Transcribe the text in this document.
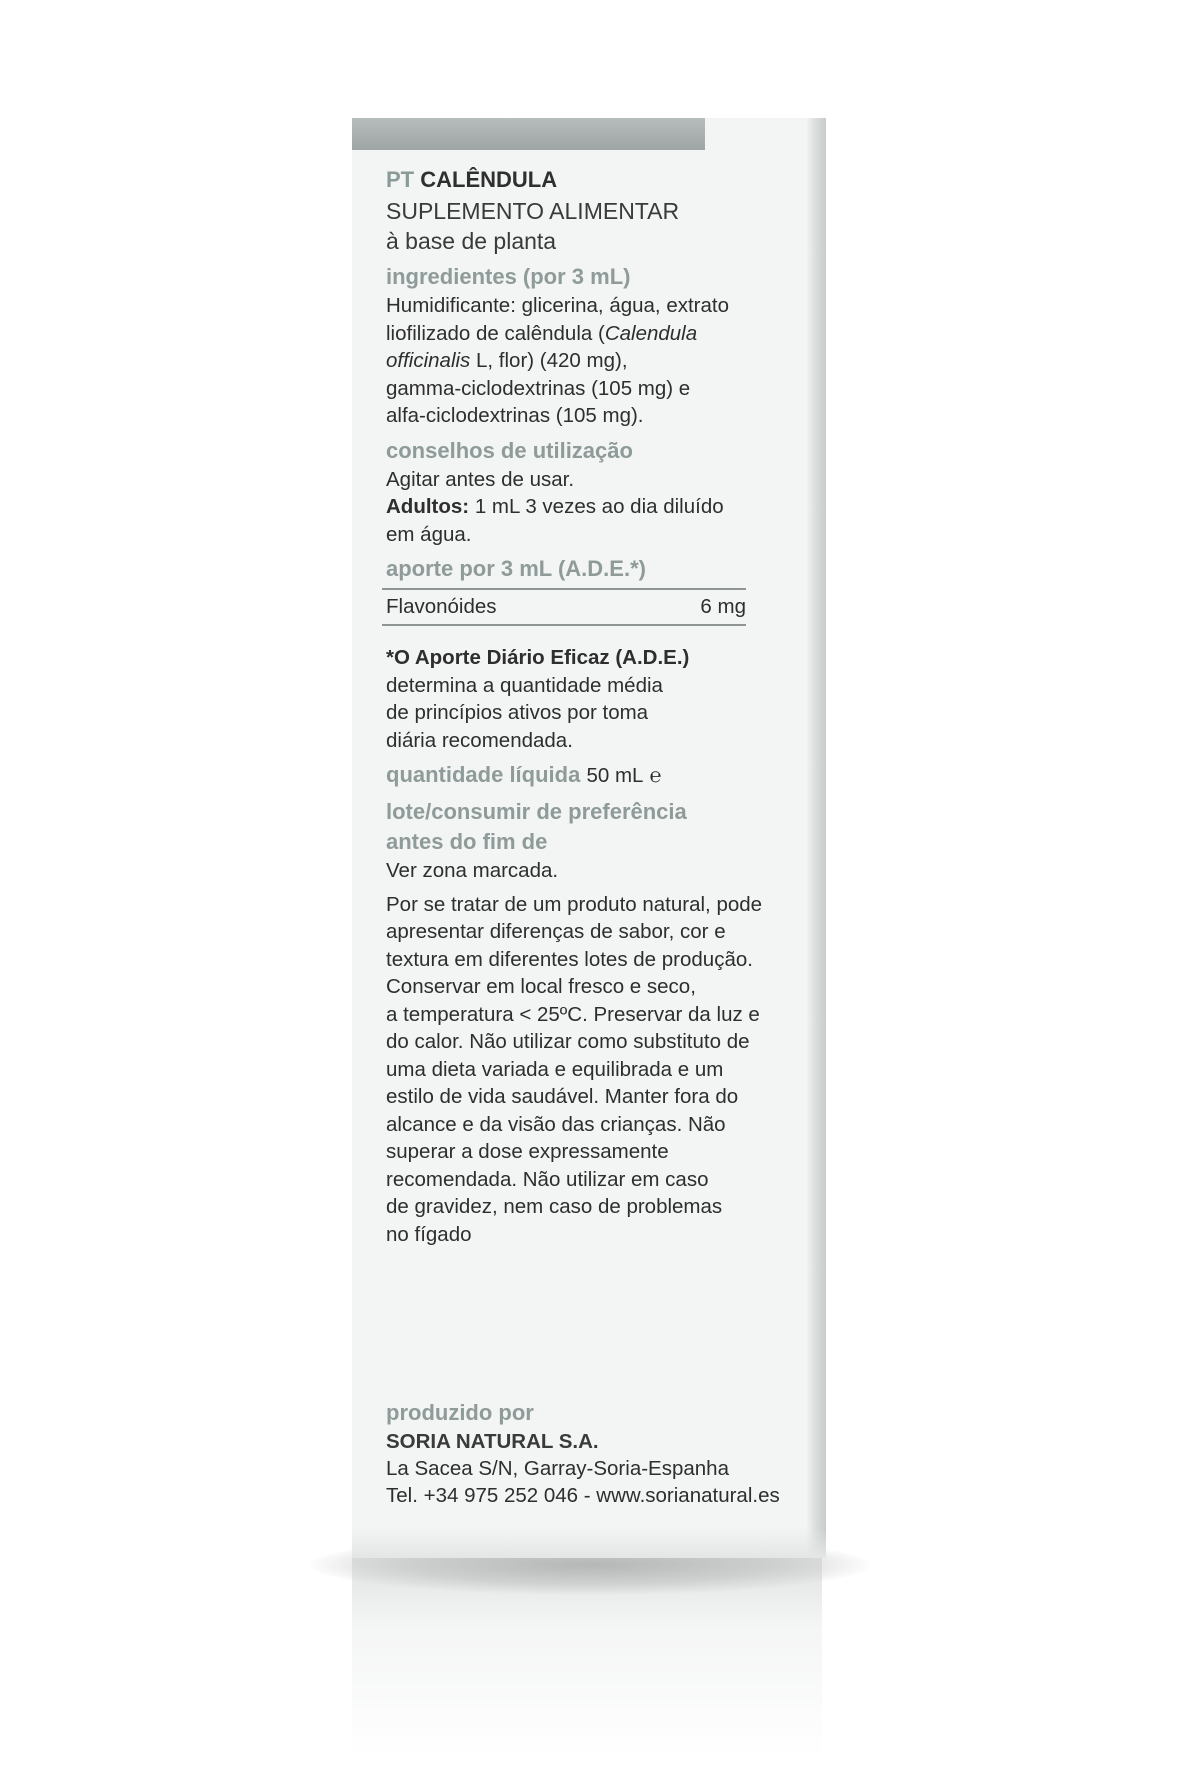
PT CALÊNDULA
SUPLEMENTO ALIMENTAR
à base de planta
ingredientes (por 3 mL)
Humidificante: glicerina, água, extrato
liofilizado de calêndula (Calendula
officinalis L, flor) (420 mg),
gamma-ciclodextrinas (105 mg) e
alfa-ciclodextrinas (105 mg).
conselhos de utilização
Agitar antes de usar.
Adultos: 1 mL 3 vezes ao dia diluído
em água.
aporte por 3 mL (A.D.E.*)
Flavonóides	6 mg
*O Aporte Diário Eficaz (A.D.E.)
determina a quantidade média
de princípios ativos por toma
diária recomendada.
quantidade líquida 50 mL ℮
lote/consumir de preferência
antes do fim de
Ver zona marcada.
Por se tratar de um produto natural, pode
apresentar diferenças de sabor, cor e
textura em diferentes lotes de produção.
Conservar em local fresco e seco,
a temperatura < 25ºC. Preservar da luz e
do calor. Não utilizar como substituto de
uma dieta variada e equilibrada e um
estilo de vida saudável. Manter fora do
alcance e da visão das crianças. Não
superar a dose expressamente
recomendada. Não utilizar em caso
de gravidez, nem caso de problemas
no fígado
produzido por
SORIA NATURAL S.A.
La Sacea S/N, Garray-Soria-Espanha
Tel. +34 975 252 046 - www.sorianatural.es
